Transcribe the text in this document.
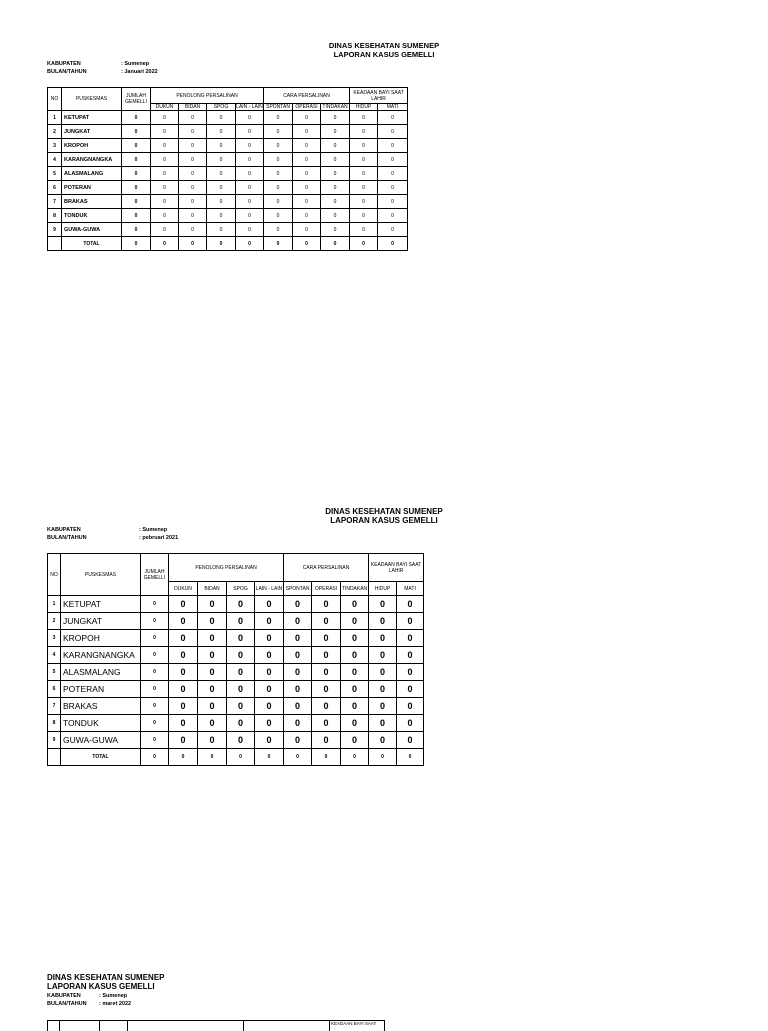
DINAS KESEHATAN SUMENEP
LAPORAN KASUS GEMELLI
KABUPATEN	: Sumenep
BULAN/TAHUN	: Januari 2022
NO	PUSKESMAS	JUMLAH GEMELLI	PENOLONG PERSALINAN				CARA PERSALINAN			KEADAAN BAYI SAAT LAHIR	
			DUKUN	BIDAN	SPOG	LAIN - LAIN	SPONTAN	OPERASI	TINDAKAN	HIDUP	MATI
1	KETUPAT	0	0	0	0	0	0	0	0	0	0
2	JUNGKAT	0	0	0	0	0	0	0	0	0	0
3	KROPOH	0	0	0	0	0	0	0	0	0	0
4	KARANGNANGKA	0	0	0	0	0	0	0	0	0	0
5	ALASMALANG	0	0	0	0	0	0	0	0	0	0
6	POTERAN	0	0	0	0	0	0	0	0	0	0
7	BRAKAS	0	0	0	0	0	0	0	0	0	0
8	TONDUK	0	0	0	0	0	0	0	0	0	0
9	GUWA-GUWA	0	0	0	0	0	0	0	0	0	0
	TOTAL	0	0	0	0	0	0	0	0	0	0
DINAS KESEHATAN SUMENEP
LAPORAN KASUS GEMELLI
KABUPATEN	: Sumenep
BULAN/TAHUN	: pebruari 2021
NO	PUSKESMAS	JUMLAH GEMELLI	PENOLONG PERSALINAN				CARA PERSALINAN			KEADAAN BAYI SAAT LAHIR	
			DUKUN	BIDAN	SPOG	LAIN - LAIN	SPONTAN	OPERASI	TINDAKAN	HIDUP	MATI
1	KETUPAT	0	0	0	0	0	0	0	0	0	0
2	JUNGKAT	0	0	0	0	0	0	0	0	0	0
3	KROPOH	0	0	0	0	0	0	0	0	0	0
4	KARANGNANGKA	0	0	0	0	0	0	0	0	0	0
5	ALASMALANG	0	0	0	0	0	0	0	0	0	0
6	POTERAN	0	0	0	0	0	0	0	0	0	0
7	BRAKAS	0	0	0	0	0	0	0	0	0	0
8	TONDUK	0	0	0	0	0	0	0	0	0	0
9	GUWA-GUWA	0	0	0	0	0	0	0	0	0	0
	TOTAL	0	0	0	0	0	0	0	0	0	0
DINAS KESEHATAN SUMENEP
LAPORAN KASUS GEMELLI
KABUPATEN	: Sumenep
BULAN/TAHUN : maret 2022
KEADAAN BAYI SAAT
